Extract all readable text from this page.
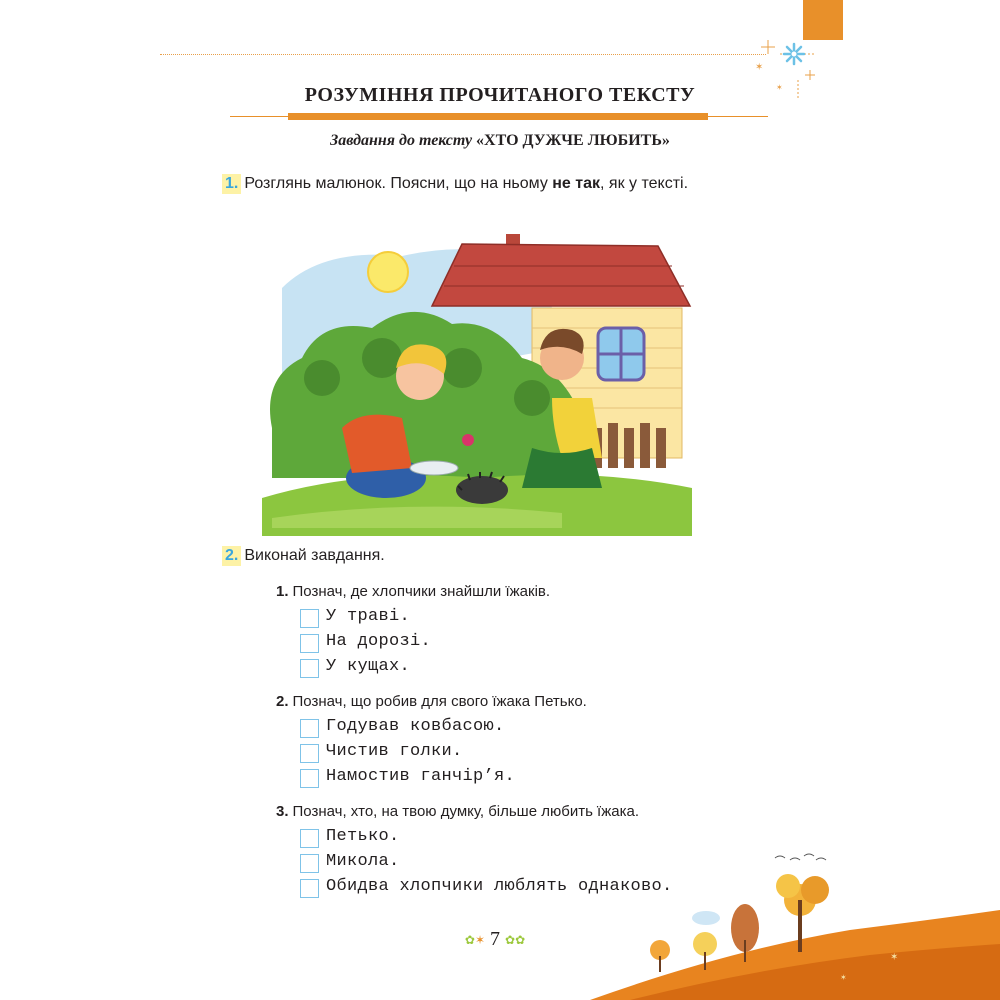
✶
✶
РОЗУМІННЯ ПРОЧИТАНОГО ТЕКСТУ
Завдання до тексту «ХТО ДУЖЧЕ ЛЮБИТЬ»
1. Розглянь малюнок. Поясни, що на ньому не так, як у тексті.
2. Виконай завдання.
1. Познач, де хлопчики знайшли їжаків.
У траві.
На дорозі.
У кущах.
2. Познач, що робив для свого їжака Петько.
Годував ковбасою.
Чистив голки.
Намостив ганчір’я.
3. Познач, хто, на твою думку, більше любить їжака.
Петько.
Микола.
Обидва хлопчики люблять однаково.
✿✶ 7 ✿✿
✶
✶
